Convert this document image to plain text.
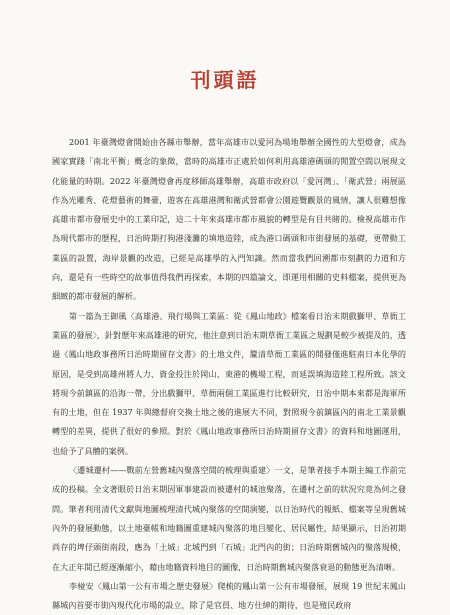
刊頭語

2001 年臺灣燈會開始由各縣市舉辦，當年高雄市以愛河為場地舉辦全國性的大型燈會，成為國家實踐「南北平衡」概念的象徵，當時的高雄市正處於如何利用高雄港碼頭的閒置空間以展現文化能量的時期。2022 年臺灣燈會再度移師高雄舉辦，高雄市政府以「愛河灣」、「衛武營」兩展區作為光雕秀、花燈藝術的舞臺，遊客在高雄港灣和衛武營都會公園遊覽觀景的風情，讓人很難想像高雄市都市發展史中的工業印記，這二十年來高雄市都市風貌的轉型是有目共睹的。檢視高雄市作為現代都市的歷程，日治時期打狗港淺灘的填地造陸，成為港口碼頭和市街發展的基礎，更帶動工業區的設置，海岸景觀的改造，已經是高雄學的入門知識。然而當我們回溯都市刻劃的力道和方向，還是有一些時空的故事值得我們再探索，本期的四篇論文，即運用相關的史料檔案，提供更為細緻的都市發展的解析。

第一篇為王御風〈高雄港、飛行場與工業區：從《鳳山地政》檔案看日治末期戲獅甲、草衙工業區的發展〉，針對歷年來高雄港的研究，他注意到日治末期草衙工業區之規劃是較少被提及的，透過《鳳山地政事務所日治時期留存文書》的土地文件，釐清草衙工業區的開發僅進駐南日本化學的原因，是受到高雄州將人力、資金投注於岡山、東港的機場工程，而延誤填海造陸工程所致。該文將現今前鎮區的沿海一帶，分出戲獅甲、草衙兩個工業區進行比較研究，日治中期本來都是海軍所有的土地，但在 1937 年與總督府交換土地之後的進展大不同，對照現今前鎮區內的南北工業景觀轉型的差異，提供了很好的參照。對於《鳳山地政事務所日治時期留存文書》的資料和地圖運用，也給予了具體的案例。

〈遷城遷村——戰前左營舊城內聚落空間的梳理與重建〉一文，是筆者接手本期主編工作前完成的投稿。全文著眼於日治末期因軍事建設而被遷村的城池聚落，在遷村之前的狀況究竟為何之發問。筆者利用清代文獻與地圖梳理清代城內聚落的空間演變，以日治時代的報紙、檔案等呈現舊城內外的發展動態，以土地臺帳和地籍圖重建城內聚落的地目變化、居民屬性，結果顯示，日治初期尚存的埤仔頭街南段，應為「土城」北城門到「石城」北門內的街；日治時期舊城內的聚落規模，在大正年間已經逐漸縮小，藉由地籍資料地目的圖像，日治時期舊城內聚落衰退的動態更為清晰。

李椪安〈鳳山第一公有市場之歷史發展〉爬梳的鳳山第一公有市場發展，展現 19 世紀末鳳山縣城內首要市街內現代化市場的設立，除了是官員、地方仕紳的期待，也是殖民政府
